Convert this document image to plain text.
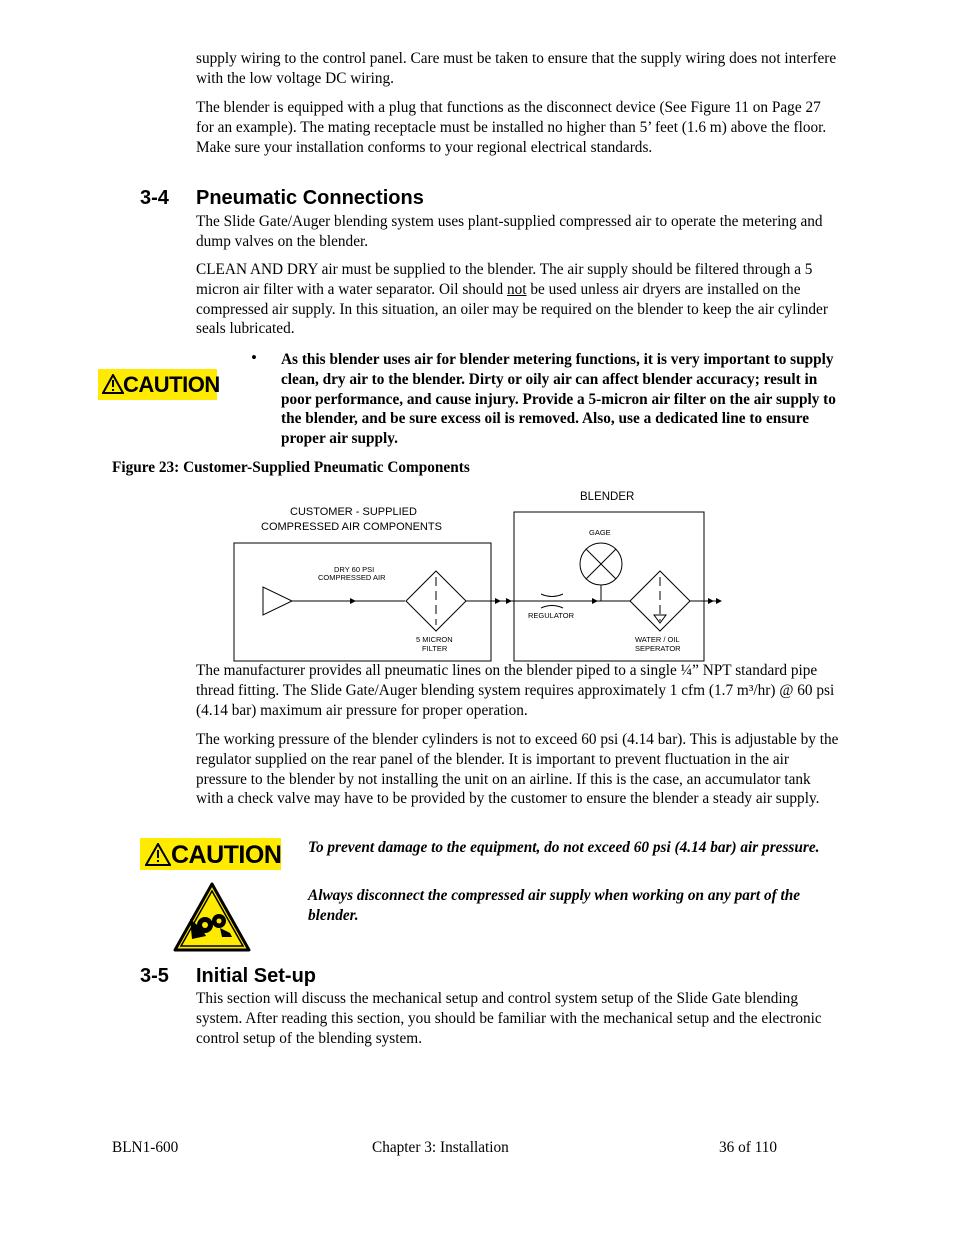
supply wiring to the control panel. Care must be taken to ensure that the supply wiring does not interfere with the low voltage DC wiring.
The blender is equipped with a plug that functions as the disconnect device (See Figure 11 on Page 27 for an example). The mating receptacle must be installed no higher than 5’ feet (1.6 m) above the floor. Make sure your installation conforms to your regional electrical standards.
3-4 Pneumatic Connections
The Slide Gate/Auger blending system uses plant-supplied compressed air to operate the metering and dump valves on the blender.
CLEAN AND DRY air must be supplied to the blender. The air supply should be filtered through a 5 micron air filter with a water separator. Oil should not be used unless air dryers are installed on the compressed air supply. In this situation, an oiler may be required on the blender to keep the air cylinder seals lubricated.
CAUTION
• As this blender uses air for blender metering functions, it is very important to supply clean, dry air to the blender. Dirty or oily air can affect blender accuracy; result in poor performance, and cause injury. Provide a 5-micron air filter on the air supply to the blender, and be sure excess oil is removed. Also, use a dedicated line to ensure proper air supply.
Figure 23: Customer-Supplied Pneumatic Components
BLENDER
CUSTOMER - SUPPLIED
COMPRESSED AIR COMPONENTS
DRY 60 PSI
COMPRESSED AIR
5 MICRON
FILTER
REGULATOR
GAGE
WATER / OIL
SEPERATOR
The manufacturer provides all pneumatic lines on the blender piped to a single ¼” NPT standard pipe thread fitting. The Slide Gate/Auger blending system requires approximately 1 cfm (1.7 m³/hr) @ 60 psi (4.14 bar) maximum air pressure for proper operation.
The working pressure of the blender cylinders is not to exceed 60 psi (4.14 bar). This is adjustable by the regulator supplied on the rear panel of the blender. It is important to prevent fluctuation in the air pressure to the blender by not installing the unit on an airline. If this is the case, an accumulator tank with a check valve may have to be provided by the customer to ensure the blender a steady air supply.
CAUTION To prevent damage to the equipment, do not exceed 60 psi (4.14 bar) air pressure.
Always disconnect the compressed air supply when working on any part of the blender.
3-5 Initial Set-up
This section will discuss the mechanical setup and control system setup of the Slide Gate blending system. After reading this section, you should be familiar with the mechanical setup and the electronic control setup of the blending system.
BLN1-600	Chapter 3: Installation	36 of 110
